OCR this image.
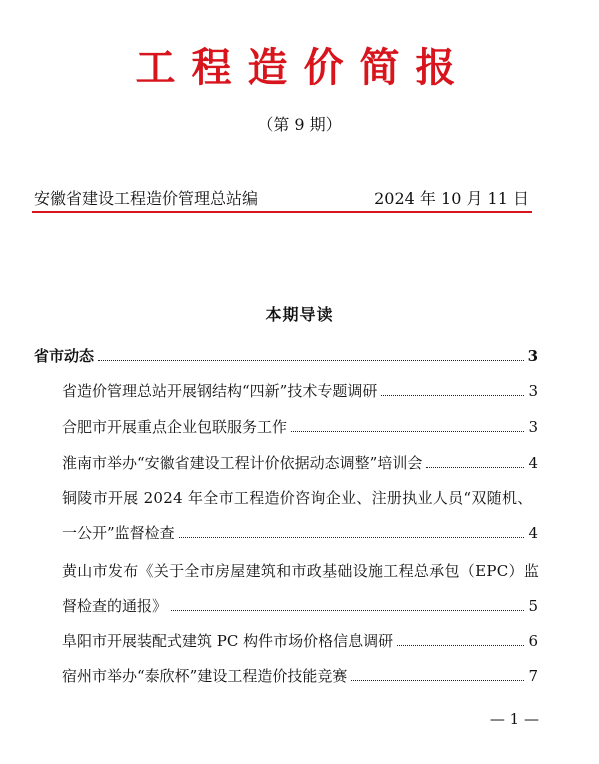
工程造价简报
（第 9 期）
安徽省建设工程造价管理总站编	2024 年 10 月 11 日
本期导读
省市动态	3
省造价管理总站开展钢结构“四新”技术专题调研	3
合肥市开展重点企业包联服务工作	3
淮南市举办“安徽省建设工程计价依据动态调整”培训会	4
铜陵市开展 2024 年全市工程造价咨询企业、注册执业人员“双随机、
一公开”监督检查	4
黄山市发布《关于全市房屋建筑和市政基础设施工程总承包（EPC）监
督检查的通报》	5
阜阳市开展装配式建筑 PC 构件市场价格信息调研	6
宿州市举办“泰欣杯”建设工程造价技能竞赛	7
— 1 —
